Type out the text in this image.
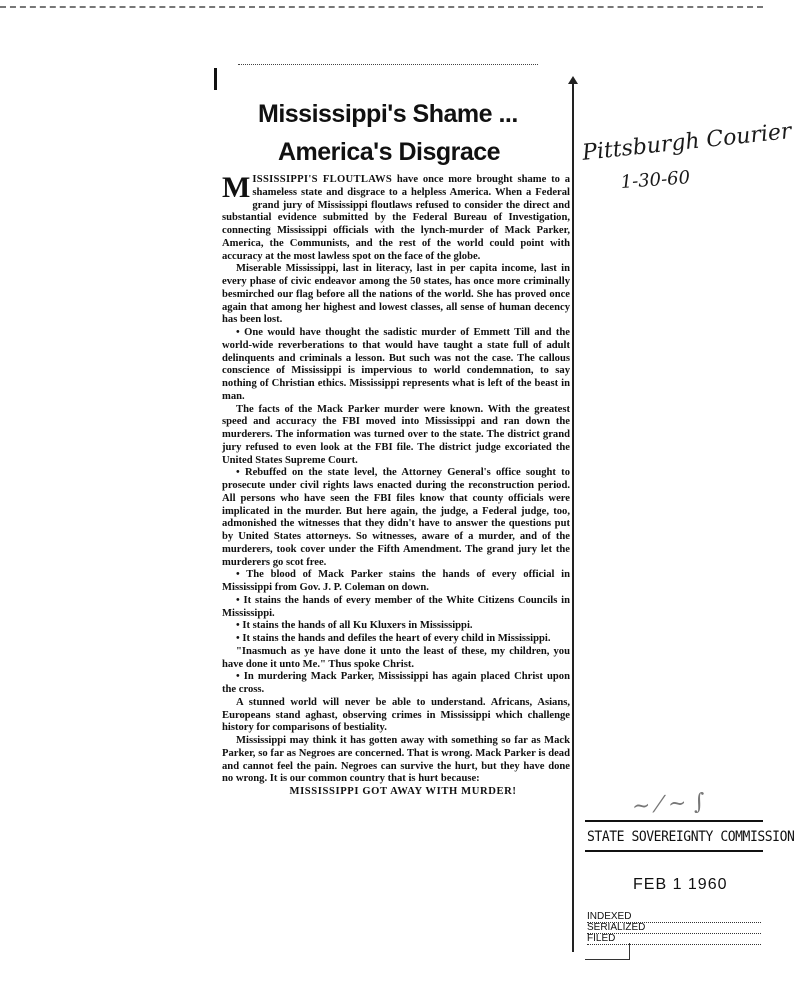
Mississippi's Shame ...
America's Disgrace

MISSISSIPPI'S FLOUTLAWS have once more brought shame to a shameless state and disgrace to a helpless America. When a Federal grand jury of Mississippi floutlaws refused to consider the direct and substantial evidence submitted by the Federal Bureau of Investigation, connecting Mississippi officials with the lynch-murder of Mack Parker, America, the Communists, and the rest of the world could point with accuracy at the most lawless spot on the face of the globe.

Miserable Mississippi, last in literacy, last in per capita income, last in every phase of civic endeavor among the 50 states, has once more criminally besmirched our flag before all the nations of the world. She has proved once again that among her highest and lowest classes, all sense of human decency has been lost.

• One would have thought the sadistic murder of Emmett Till and the world-wide reverberations to that would have taught a state full of adult delinquents and criminals a lesson. But such was not the case. The callous conscience of Mississippi is impervious to world condemnation, to say nothing of Christian ethics. Mississippi represents what is left of the beast in man.

The facts of the Mack Parker murder were known. With the greatest speed and accuracy the FBI moved into Mississippi and ran down the murderers. The information was turned over to the state. The district grand jury refused to even look at the FBI file. The district judge excoriated the United States Supreme Court.

• Rebuffed on the state level, the Attorney General's office sought to prosecute under civil rights laws enacted during the reconstruction period. All persons who have seen the FBI files know that county officials were implicated in the murder. But here again, the judge, a Federal judge, too, admonished the witnesses that they didn't have to answer the questions put by United States attorneys. So witnesses, aware of a murder, and of the murderers, took cover under the Fifth Amendment. The grand jury let the murderers go scot free.

• The blood of Mack Parker stains the hands of every official in Mississippi from Gov. J. P. Coleman on down.

• It stains the hands of every member of the White Citizens Councils in Mississippi.

• It stains the hands of all Ku Kluxers in Mississippi.

• It stains the hands and defiles the heart of every child in Mississippi.

"Inasmuch as ye have done it unto the least of these, my children, you have done it unto Me." Thus spoke Christ.

• In murdering Mack Parker, Mississippi has again placed Christ upon the cross.

A stunned world will never be able to understand. Africans, Asians, Europeans stand aghast, observing crimes in Mississippi which challenge history for comparisons of bestiality.

Mississippi may think it has gotten away with something so far as Mack Parker, so far as Negroes are concerned. That is wrong. Mack Parker is dead and cannot feel the pain. Negroes can survive the hurt, but they have done no wrong. It is our common country that is hurt because:

MISSISSIPPI GOT AWAY WITH MURDER!

Pittsburgh Courier
1-30-60
~ ⁄ ~ ∫
STATE SOVEREIGNTY COMMISSION
FEB 1 1960
INDEXED
SERIALIZED
FILED
